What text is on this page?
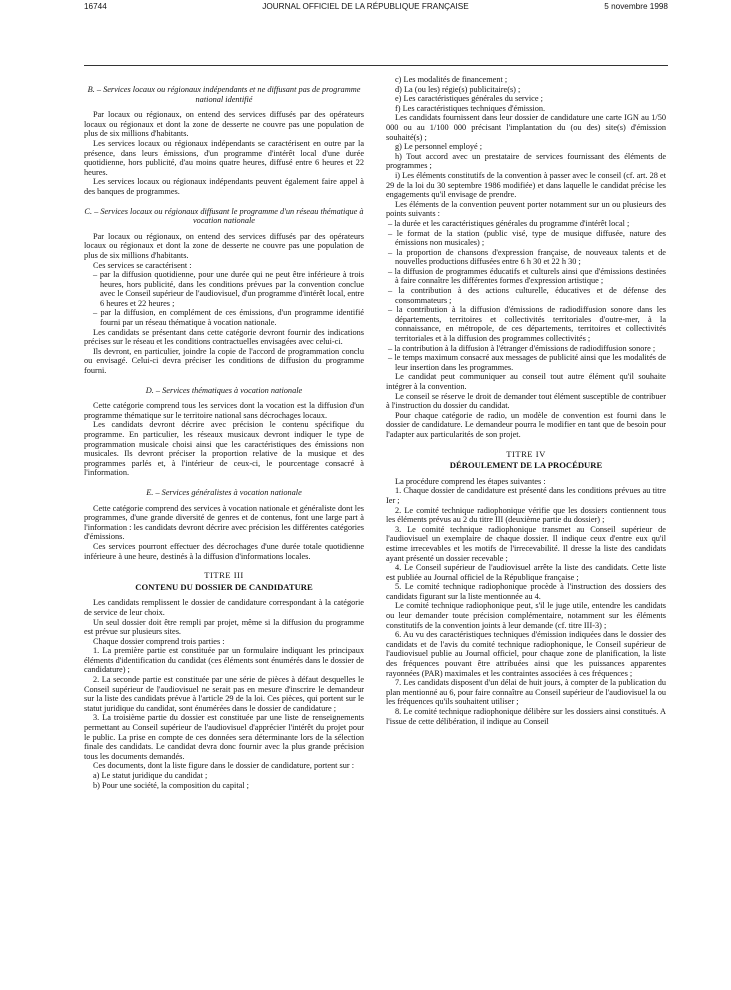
16744	JOURNAL OFFICIEL DE LA RÉPUBLIQUE FRANÇAISE	5 novembre 1998

B. – Services locaux ou régionaux indépendants et ne diffusant pas de programme national identifié

Par locaux ou régionaux, on entend des services diffusés par des opérateurs locaux ou régionaux et dont la zone de desserte ne couvre pas une population de plus de six millions d'habitants.

Les services locaux ou régionaux indépendants se caractérisent en outre par la présence, dans leurs émissions, d'un programme d'intérêt local d'une durée quotidienne, hors publicité, d'au moins quatre heures, diffusé entre 6 heures et 22 heures.

Les services locaux ou régionaux indépendants peuvent également faire appel à des banques de programmes.

C. – Services locaux ou régionaux diffusant le programme d'un réseau thématique à vocation nationale

Par locaux ou régionaux, on entend des services diffusés par des opérateurs locaux ou régionaux et dont la zone de desserte ne couvre pas une population de plus de six millions d'habitants.

Ces services se caractérisent :

– par la diffusion quotidienne, pour une durée qui ne peut être inférieure à trois heures, hors publicité, dans les conditions prévues par la convention conclue avec le Conseil supérieur de l'audiovisuel, d'un programme d'intérêt local, entre 6 heures et 22 heures ;

– par la diffusion, en complément de ces émissions, d'un programme identifié fourni par un réseau thématique à vocation nationale.

Les candidats se présentant dans cette catégorie devront fournir des indications précises sur le réseau et les conditions contractuelles envisagées avec celui-ci.

Ils devront, en particulier, joindre la copie de l'accord de programmation conclu ou envisagé. Celui-ci devra préciser les conditions de diffusion du programme fourni.

D. – Services thématiques à vocation nationale

Cette catégorie comprend tous les services dont la vocation est la diffusion d'un programme thématique sur le territoire national sans décrochages locaux.

Les candidats devront décrire avec précision le contenu spécifique du programme. En particulier, les réseaux musicaux devront indiquer le type de programmation musicale choisi ainsi que les caractéristiques des émissions non musicales. Ils devront préciser la proportion relative de la musique et des programmes parlés et, à l'intérieur de ceux-ci, le pourcentage consacré à l'information.

E. – Services généralistes à vocation nationale

Cette catégorie comprend des services à vocation nationale et généraliste dont les programmes, d'une grande diversité de genres et de contenus, font une large part à l'information : les candidats devront décrire avec précision les différentes catégories d'émissions.

Ces services pourront effectuer des décrochages d'une durée totale quotidienne inférieure à une heure, destinés à la diffusion d'informations locales.

TITRE III

CONTENU DU DOSSIER DE CANDIDATURE

Les candidats remplissent le dossier de candidature correspondant à la catégorie de service de leur choix.

Un seul dossier doit être rempli par projet, même si la diffusion du programme est prévue sur plusieurs sites.

Chaque dossier comprend trois parties :

1. La première partie est constituée par un formulaire indiquant les principaux éléments d'identification du candidat (ces éléments sont énumérés dans le dossier de candidature) ;

2. La seconde partie est constituée par une série de pièces à défaut desquelles le Conseil supérieur de l'audiovisuel ne serait pas en mesure d'inscrire le demandeur sur la liste des candidats prévue à l'article 29 de la loi. Ces pièces, qui portent sur le statut juridique du candidat, sont énumérées dans le dossier de candidature ;

3. La troisième partie du dossier est constituée par une liste de renseignements permettant au Conseil supérieur de l'audiovisuel d'apprécier l'intérêt du projet pour le public. La prise en compte de ces données sera déterminante lors de la sélection finale des candidats. Le candidat devra donc fournir avec la plus grande précision tous les documents demandés.

Ces documents, dont la liste figure dans le dossier de candidature, portent sur :

a) Le statut juridique du candidat ;

b) Pour une société, la composition du capital ;

c) Les modalités de financement ;

d) La (ou les) régie(s) publicitaire(s) ;

e) Les caractéristiques générales du service ;

f) Les caractéristiques techniques d'émission.

Les candidats fournissent dans leur dossier de candidature une carte IGN au 1/50 000 ou au 1/100 000 précisant l'implantation du (ou des) site(s) d'émission souhaité(s) ;

g) Le personnel employé ;

h) Tout accord avec un prestataire de services fournissant des éléments de programmes ;

i) Les éléments constitutifs de la convention à passer avec le conseil (cf. art. 28 et 29 de la loi du 30 septembre 1986 modifiée) et dans laquelle le candidat précise les engagements qu'il envisage de prendre.

Les éléments de la convention peuvent porter notamment sur un ou plusieurs des points suivants :

– la durée et les caractéristiques générales du programme d'intérêt local ;

– le format de la station (public visé, type de musique diffusée, nature des émissions non musicales) ;

– la proportion de chansons d'expression française, de nouveaux talents et de nouvelles productions diffusées entre 6 h 30 et 22 h 30 ;

– la diffusion de programmes éducatifs et culturels ainsi que d'émissions destinées à faire connaître les différentes formes d'expression artistique ;

– la contribution à des actions culturelle, éducatives et de défense des consommateurs ;

– la contribution à la diffusion d'émissions de radiodiffusion sonore dans les départements, territoires et collectivités territoriales d'outre-mer, à la connaissance, en métropole, de ces départements, territoires et collectivités territoriales et à la diffusion des programmes collectivités ;

– la contribution à la diffusion à l'étranger d'émissions de radiodiffusion sonore ;

– le temps maximum consacré aux messages de publicité ainsi que les modalités de leur insertion dans les programmes.

Le candidat peut communiquer au conseil tout autre élément qu'il souhaite intégrer à la convention.

Le conseil se réserve le droit de demander tout élément susceptible de contribuer à l'instruction du dossier du candidat.

Pour chaque catégorie de radio, un modèle de convention est fourni dans le dossier de candidature. Le demandeur pourra le modifier en tant que de besoin pour l'adapter aux particularités de son projet.

TITRE IV

DÉROULEMENT DE LA PROCÉDURE

La procédure comprend les étapes suivantes :

1. Chaque dossier de candidature est présenté dans les conditions prévues au titre Ier ;

2. Le comité technique radiophonique vérifie que les dossiers contiennent tous les éléments prévus au 2 du titre III (deuxième partie du dossier) ;

3. Le comité technique radiophonique transmet au Conseil supérieur de l'audiovisuel un exemplaire de chaque dossier. Il indique ceux d'entre eux qu'il estime irrecevables et les motifs de l'irrecevabilité. Il dresse la liste des candidats ayant présenté un dossier recevable ;

4. Le Conseil supérieur de l'audiovisuel arrête la liste des candidats. Cette liste est publiée au Journal officiel de la République française ;

5. Le comité technique radiophonique procède à l'instruction des dossiers des candidats figurant sur la liste mentionnée au 4.

Le comité technique radiophonique peut, s'il le juge utile, entendre les candidats ou leur demander toute précision complémentaire, notamment sur les éléments constitutifs de la convention joints à leur demande (cf. titre III-3) ;

6. Au vu des caractéristiques techniques d'émission indiquées dans le dossier des candidats et de l'avis du comité technique radiophonique, le Conseil supérieur de l'audiovisuel publie au Journal officiel, pour chaque zone de planification, la liste des fréquences pouvant être attribuées ainsi que les puissances apparentes rayonnées (PAR) maximales et les contraintes associées à ces fréquences ;

7. Les candidats disposent d'un délai de huit jours, à compter de la publication du plan mentionné au 6, pour faire connaître au Conseil supérieur de l'audiovisuel la ou les fréquences qu'ils souhaitent utiliser ;

8. Le comité technique radiophonique délibère sur les dossiers ainsi constitués. A l'issue de cette délibération, il indique au Conseil
